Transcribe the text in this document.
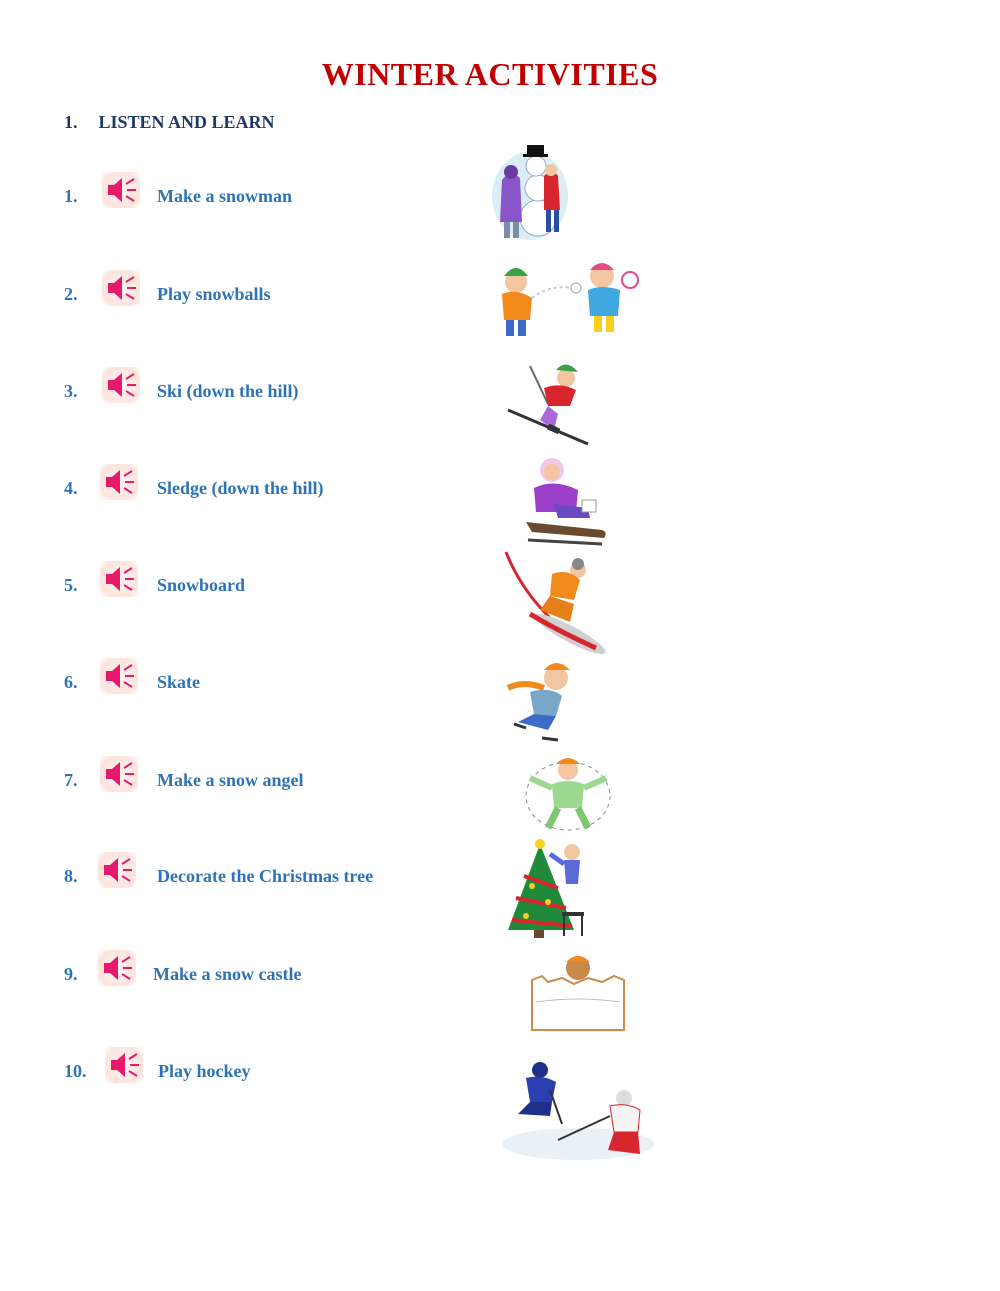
WINTER ACTIVITIES
1. LISTEN AND LEARN
1.	Make a snowman
2.	Play snowballs
3.	Ski (down the hill)
4.	Sledge (down the hill)
5.	Snowboard
6.	Skate
7.	Make a snow angel
8.	Decorate the Christmas tree
9.	Make a snow castle
10.	Play hockey
